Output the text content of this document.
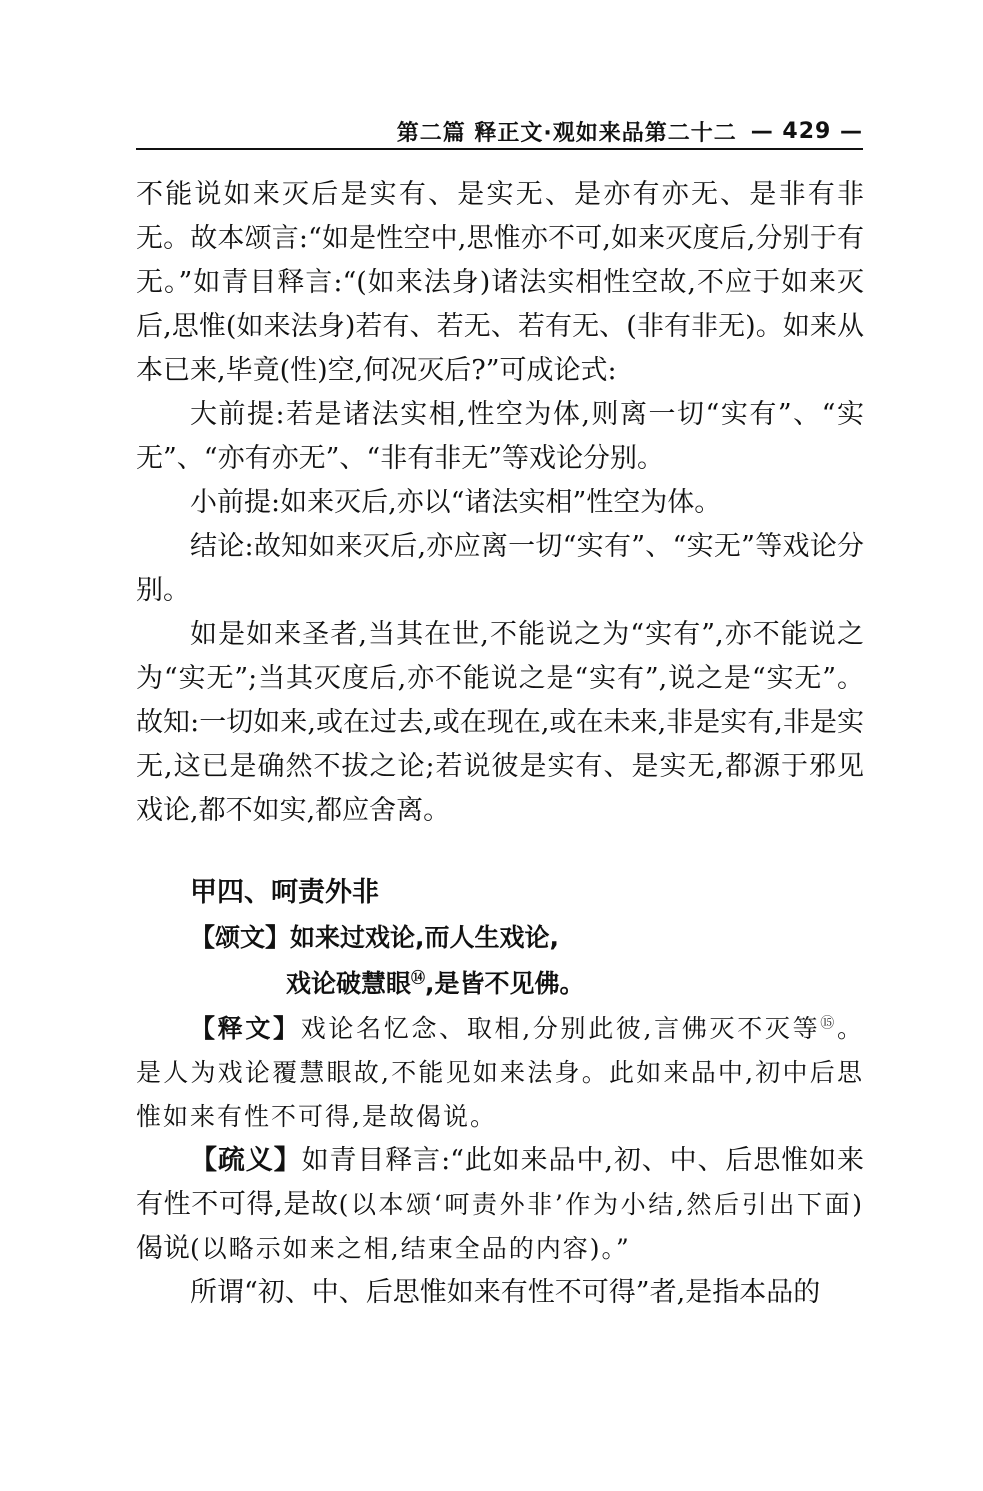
第二篇 释正文·观如来品第二十二 — 429 —

不能说如来灭后是实有、是实无、是亦有亦无、是非有非无。故本颂言:“如是性空中,思惟亦不可,如来灭度后,分别于有无。”如青目释言:“(如来法身)诸法实相性空故,不应于如来灭后,思惟(如来法身)若有、若无、若有无、(非有非无)。如来从本已来,毕竟(性)空,何况灭后?”可成论式:

大前提:若是诸法实相,性空为体,则离一切“实有”、“实无”、“亦有亦无”、“非有非无”等戏论分别。

小前提:如来灭后,亦以“诸法实相”性空为体。

结论:故知如来灭后,亦应离一切“实有”、“实无”等戏论分别。

如是如来圣者,当其在世,不能说之为“实有”,亦不能说之为“实无”;当其灭度后,亦不能说之是“实有”,说之是“实无”。故知:一切如来,或在过去,或在现在,或在未来,非是实有,非是实无,这已是确然不拔之论;若说彼是实有、是实无,都源于邪见戏论,都不如实,都应舍离。

甲四、呵责外非

【颂文】如来过戏论,而人生戏论,

戏论破慧眼⑭,是皆不见佛。

【释文】戏论名忆念、取相,分别此彼,言佛灭不灭等⑮。是人为戏论覆慧眼故,不能见如来法身。此如来品中,初中后思惟如来有性不可得,是故偈说。

【疏义】如青目释言:“此如来品中,初、中、后思惟如来有性不可得,是故(以本颂‘呵责外非’作为小结,然后引出下面)偈说(以略示如来之相,结束全品的内容)。”

所谓“初、中、后思惟如来有性不可得”者,是指本品的
